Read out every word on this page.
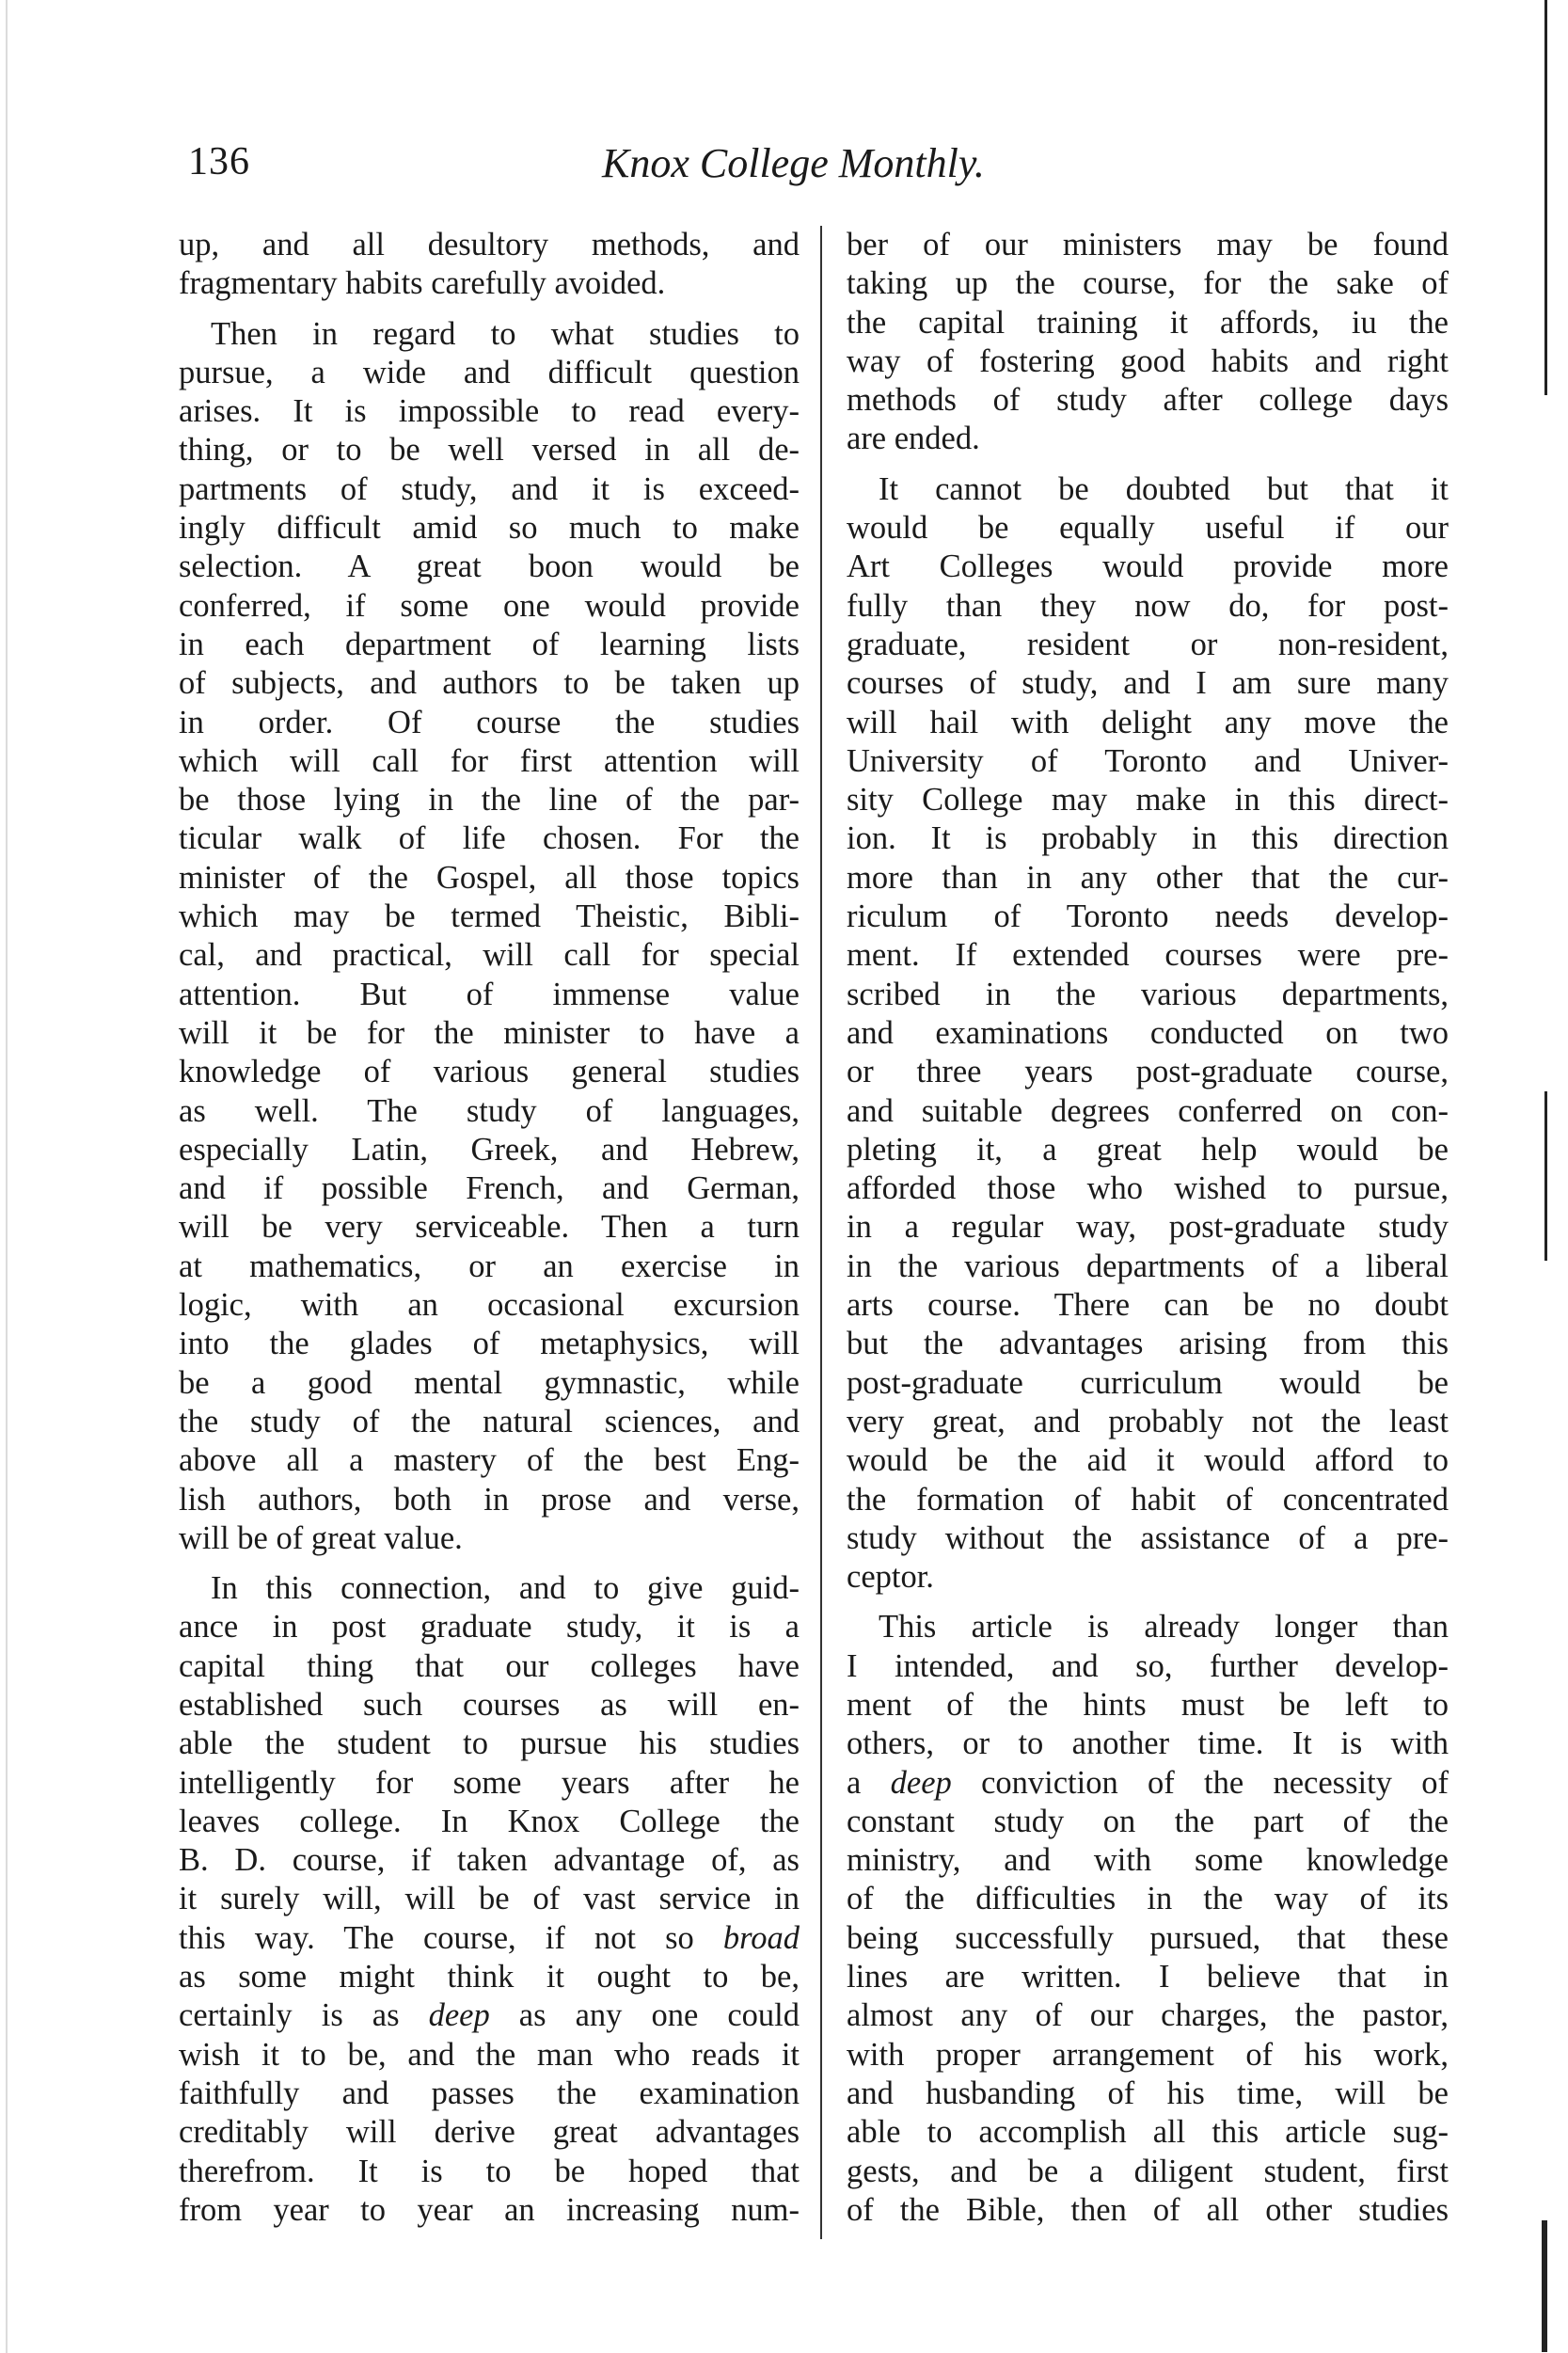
136	Knox College Monthly.
up, and all desultory methods, and
fragmentary habits carefully avoided.
Then in regard to what studies to
pursue, a wide and difficult question
arises. It is impossible to read every-
thing, or to be well versed in all de-
partments of study, and it is exceed-
ingly difficult amid so much to make
selection. A great boon would be
conferred, if some one would provide
in each department of learning lists
of subjects, and authors to be taken up
in order. Of course the studies
which will call for first attention will
be those lying in the line of the par-
ticular walk of life chosen. For the
minister of the Gospel, all those topics
which may be termed Theistic, Bibli-
cal, and practical, will call for special
attention. But of immense value
will it be for the minister to have a
knowledge of various general studies
as well. The study of languages,
especially Latin, Greek, and Hebrew,
and if possible French, and German,
will be very serviceable. Then a turn
at mathematics, or an exercise in
logic, with an occasional excursion
into the glades of metaphysics, will
be a good mental gymnastic, while
the study of the natural sciences, and
above all a mastery of the best Eng-
lish authors, both in prose and verse,
will be of great value.
In this connection, and to give guid-
ance in post graduate study, it is a
capital thing that our colleges have
established such courses as will en-
able the student to pursue his studies
intelligently for some years after he
leaves college. In Knox College the
B. D. course, if taken advantage of, as
it surely will, will be of vast service in
this way. The course, if not so broad
as some might think it ought to be,
certainly is as deep as any one could
wish it to be, and the man who reads it
faithfully and passes the examination
creditably will derive great advantages
therefrom. It is to be hoped that
from year to year an increasing num-
ber of our ministers may be found
taking up the course, for the sake of
the capital training it affords, iu the
way of fostering good habits and right
methods of study after college days
are ended.
It cannot be doubted but that it
would be equally useful if our
Art Colleges would provide more
fully than they now do, for post-
graduate, resident or non-resident,
courses of study, and I am sure many
will hail with delight any move the
University of Toronto and Univer-
sity College may make in this direct-
ion. It is probably in this direction
more than in any other that the cur-
riculum of Toronto needs develop-
ment. If extended courses were pre-
scribed in the various departments,
and examinations conducted on two
or three years post-graduate course,
and suitable degrees conferred on con-
pleting it, a great help would be
afforded those who wished to pursue,
in a regular way, post-graduate study
in the various departments of a liberal
arts course. There can be no doubt
but the advantages arising from this
post-graduate curriculum would be
very great, and probably not the least
would be the aid it would afford to
the formation of habit of concentrated
study without the assistance of a pre-
ceptor.
This article is already longer than
I intended, and so, further develop-
ment of the hints must be left to
others, or to another time. It is with
a deep conviction of the necessity of
constant study on the part of the
ministry, and with some knowledge
of the difficulties in the way of its
being successfully pursued, that these
lines are written. I believe that in
almost any of our charges, the pastor,
with proper arrangement of his work,
and husbanding of his time, will be
able to accomplish all this article sug-
gests, and be a diligent student, first
of the Bible, then of all other studies
